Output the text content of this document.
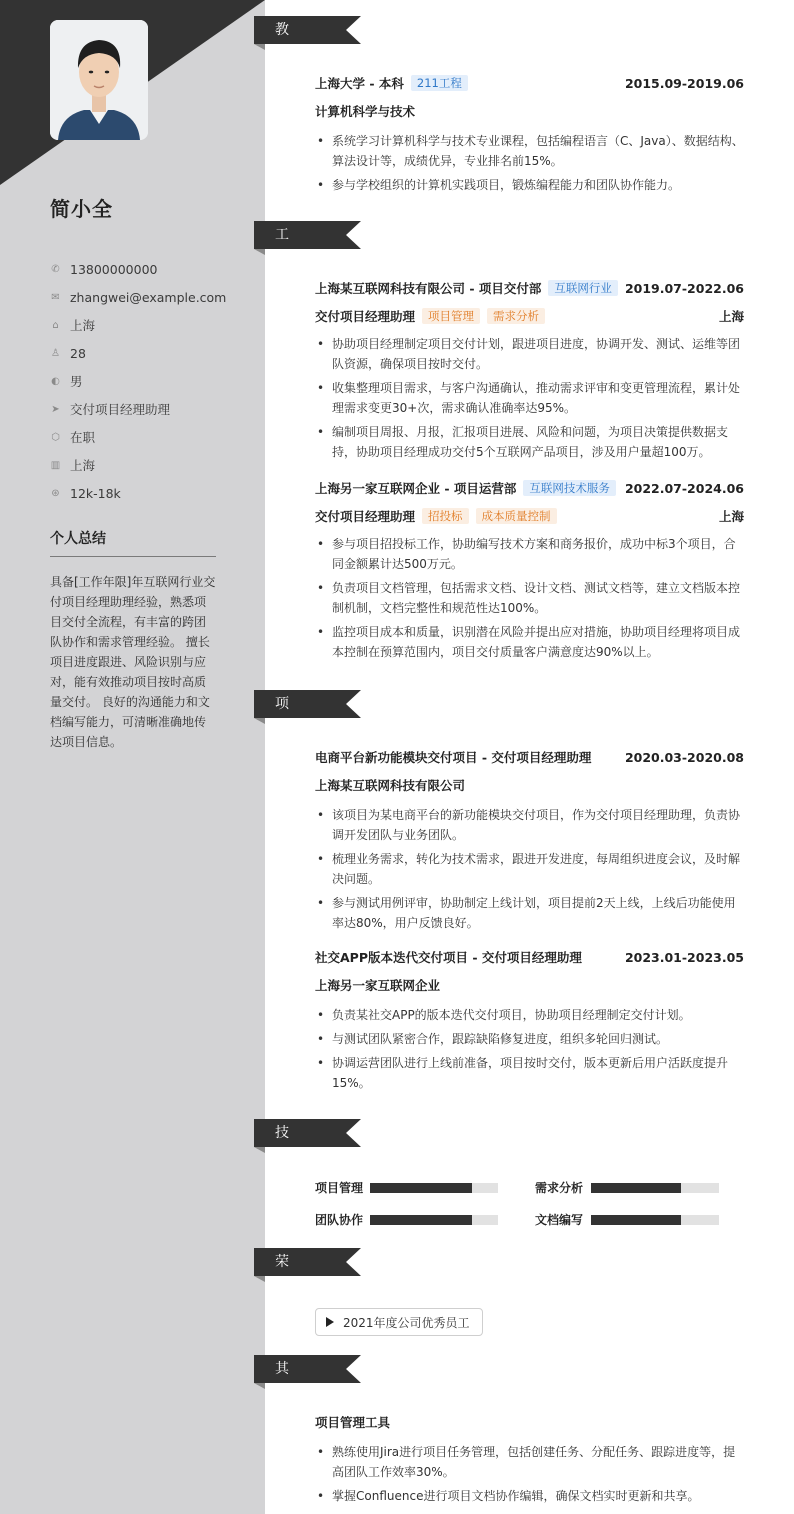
简小全
✆ 13800000000
✉ zhangwei@example.com
⌂ 上海
♙ 28
◐ 男
➤ 交付项目经理助理
⬡ 在职
▥ 上海
⊛ 12k-18k
个人总结
具备[工作年限]年互联网行业交付项目经理助理经验，熟悉项目交付全流程，有丰富的跨团队协作和需求管理经验。 擅长项目进度跟进、风险识别与应对，能有效推动项目按时高质量交付。 良好的沟通能力和文档编写能力，可清晰准确地传达项目信息。
教育经历
上海大学 - 本科 211工程	2015.09-2019.06
计算机科学与技术
• 系统学习计算机科学与技术专业课程，包括编程语言（C、Java）、数据结构、算法设计等，成绩优异，专业排名前15%。
• 参与学校组织的计算机实践项目，锻炼编程能力和团队协作能力。
工作经历
上海某互联网科技有限公司 - 项目交付部 互联网行业 2019.07-2022.06
交付项目经理助理 项目管理 需求分析	上海
• 协助项目经理制定项目交付计划，跟进项目进度，协调开发、测试、运维等团队资源，确保项目按时交付。
• 收集整理项目需求，与客户沟通确认，推动需求评审和变更管理流程，累计处理需求变更30+次，需求确认准确率达95%。
• 编制项目周报、月报，汇报项目进展、风险和问题，为项目决策提供数据支持，协助项目经理成功交付5个互联网产品项目，涉及用户量超100万。
上海另一家互联网企业 - 项目运营部 互联网技术服务 2022.07-2024.06
交付项目经理助理 招投标 成本质量控制	上海
• 参与项目招投标工作，协助编写技术方案和商务报价，成功中标3个项目，合同金额累计达500万元。
• 负责项目文档管理，包括需求文档、设计文档、测试文档等，建立文档版本控制机制，文档完整性和规范性达100%。
• 监控项目成本和质量，识别潜在风险并提出应对措施，协助项目经理将项目成本控制在预算范围内，项目交付质量客户满意度达90%以上。
项目经历
电商平台新功能模块交付项目 - 交付项目经理助理	2020.03-2020.08
上海某互联网科技有限公司
• 该项目为某电商平台的新功能模块交付项目，作为交付项目经理助理，负责协调开发团队与业务团队。
• 梳理业务需求，转化为技术需求，跟进开发进度，每周组织进度会议，及时解决问题。
• 参与测试用例评审，协助制定上线计划，项目提前2天上线，上线后功能使用率达80%，用户反馈良好。
社交APP版本迭代交付项目 - 交付项目经理助理	2023.01-2023.05
上海另一家互联网企业
• 负责某社交APP的版本迭代交付项目，协助项目经理制定交付计划。
• 与测试团队紧密合作，跟踪缺陷修复进度，组织多轮回归测试。
• 协调运营团队进行上线前准备，项目按时交付，版本更新后用户活跃度提升15%。
技能专长
项目管理	需求分析
团队协作	文档编写
荣誉奖项
2021年度公司优秀员工
其他信息
项目管理工具
• 熟练使用Jira进行项目任务管理，包括创建任务、分配任务、跟踪进度等，提高团队工作效率30%。
• 掌握Confluence进行项目文档协作编辑，确保文档实时更新和共享。
